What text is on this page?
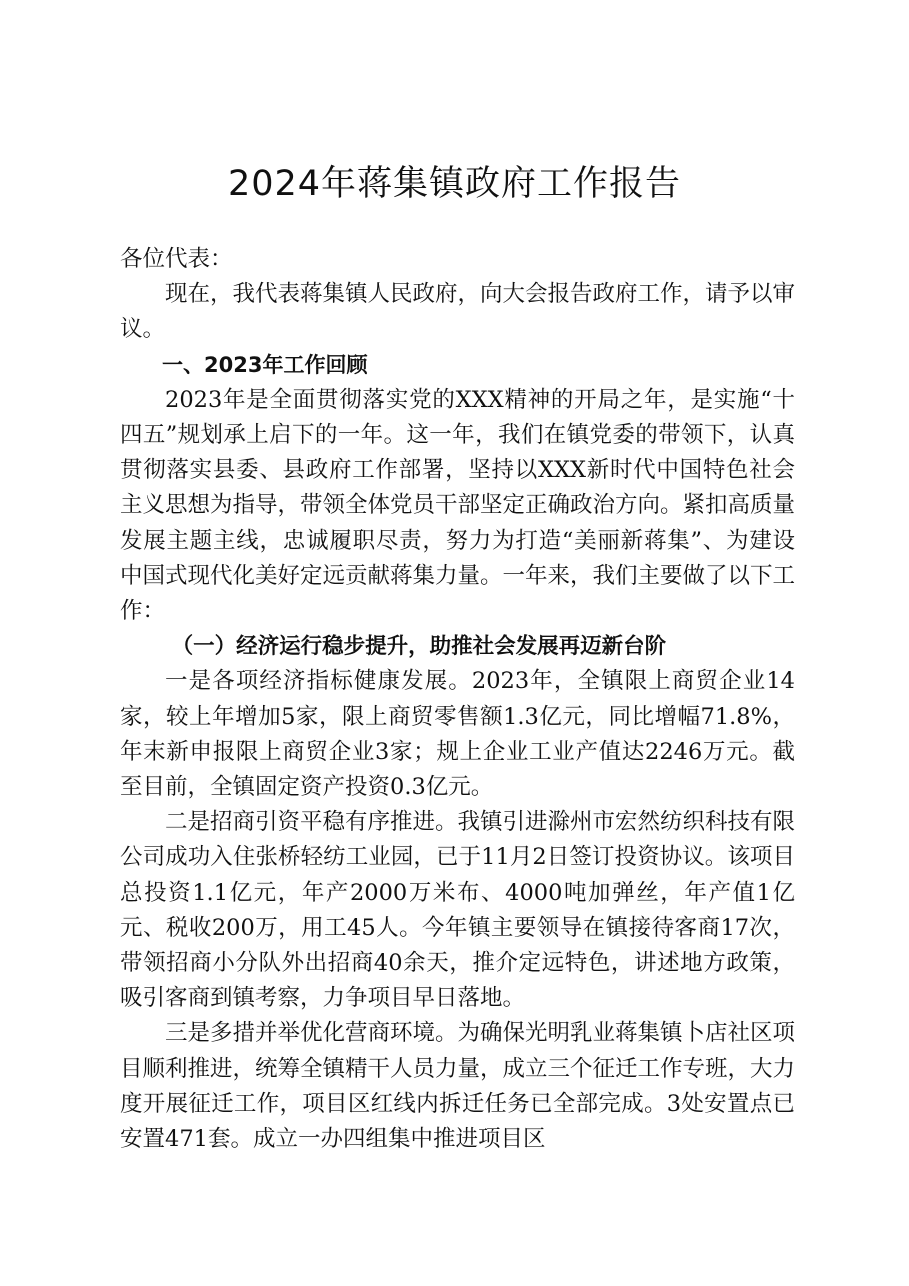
2024年蒋集镇政府工作报告

各位代表：

现在，我代表蒋集镇人民政府，向大会报告政府工作，请予以审议。

一、2023年工作回顾

2023年是全面贯彻落实党的XXX精神的开局之年，是实施“十四五”规划承上启下的一年。这一年，我们在镇党委的带领下，认真贯彻落实县委、县政府工作部署，坚持以XXX新时代中国特色社会主义思想为指导，带领全体党员干部坚定正确政治方向。紧扣高质量发展主题主线，忠诚履职尽责，努力为打造“美丽新蒋集”、为建设中国式现代化美好定远贡献蒋集力量。一年来，我们主要做了以下工作：

（一）经济运行稳步提升，助推社会发展再迈新台阶

一是各项经济指标健康发展。2023年，全镇限上商贸企业14家，较上年增加5家，限上商贸零售额1.3亿元，同比增幅71.8%，年末新申报限上商贸企业3家；规上企业工业产值达2246万元。截至目前，全镇固定资产投资0.3亿元。

二是招商引资平稳有序推进。我镇引进滁州市宏然纺织科技有限公司成功入住张桥轻纺工业园，已于11月2日签订投资协议。该项目总投资1.1亿元，年产2000万米布、4000吨加弹丝，年产值1亿元、税收200万，用工45人。今年镇主要领导在镇接待客商17次，带领招商小分队外出招商40余天，推介定远特色，讲述地方政策，吸引客商到镇考察，力争项目早日落地。

三是多措并举优化营商环境。为确保光明乳业蒋集镇卜店社区项目顺利推进，统筹全镇精干人员力量，成立三个征迁工作专班，大力度开展征迁工作，项目区红线内拆迁任务已全部完成。3处安置点已安置471套。成立一办四组集中推进项目区
